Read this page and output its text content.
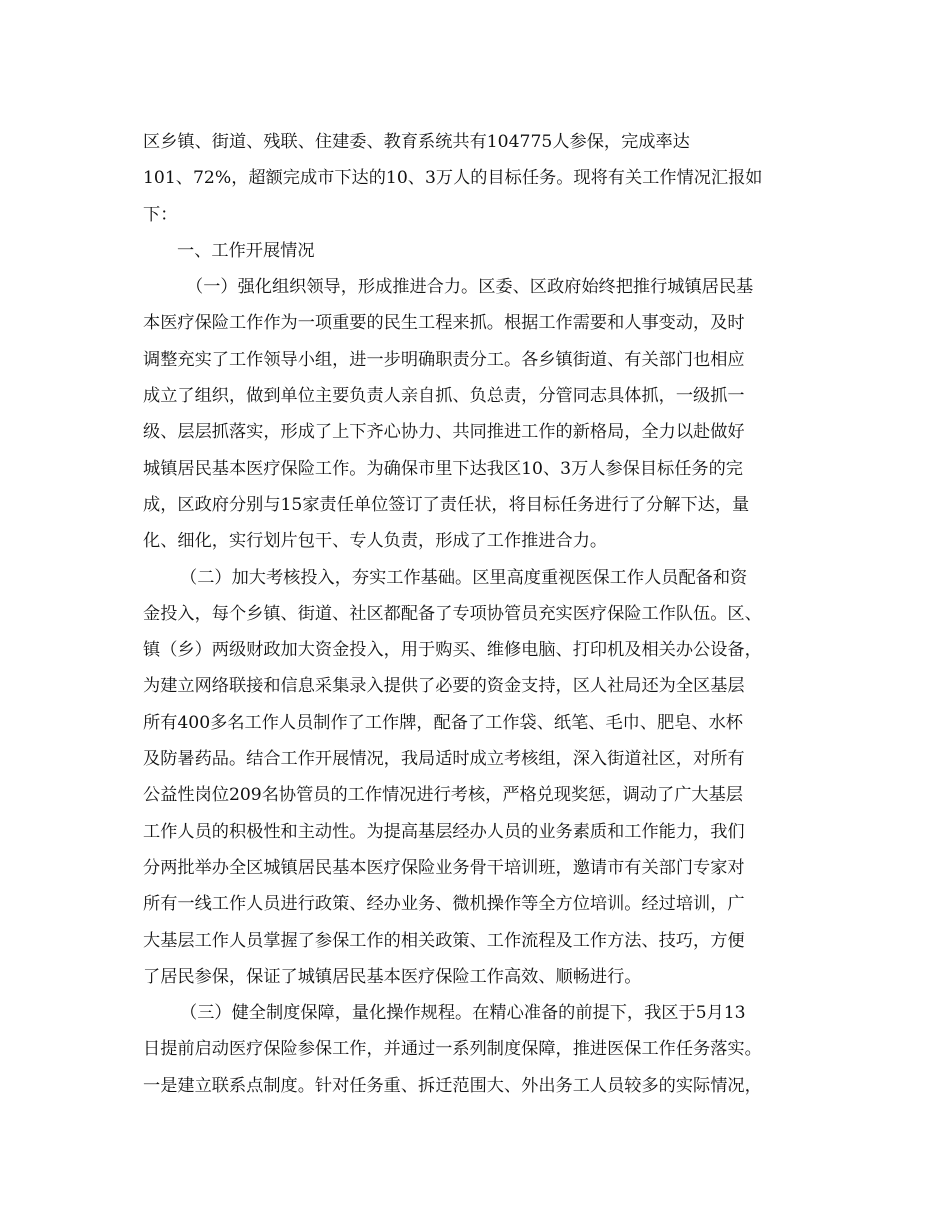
区乡镇、街道、残联、住建委、教育系统共有104775人参保，完成率达
101、72%，超额完成市下达的10、3万人的目标任务。现将有关工作情况汇报如
下：
一、工作开展情况
（一）强化组织领导，形成推进合力。区委、区政府始终把推行城镇居民基
本医疗保险工作作为一项重要的民生工程来抓。根据工作需要和人事变动，及时
调整充实了工作领导小组，进一步明确职责分工。各乡镇街道、有关部门也相应
成立了组织，做到单位主要负责人亲自抓、负总责，分管同志具体抓，一级抓一
级、层层抓落实，形成了上下齐心协力、共同推进工作的新格局，全力以赴做好
城镇居民基本医疗保险工作。为确保市里下达我区10、3万人参保目标任务的完
成，区政府分别与15家责任单位签订了责任状，将目标任务进行了分解下达，量
化、细化，实行划片包干、专人负责，形成了工作推进合力。
（二）加大考核投入，夯实工作基础。区里高度重视医保工作人员配备和资
金投入，每个乡镇、街道、社区都配备了专项协管员充实医疗保险工作队伍。区、
镇（乡）两级财政加大资金投入，用于购买、维修电脑、打印机及相关办公设备，
为建立网络联接和信息采集录入提供了必要的资金支持，区人社局还为全区基层
所有400多名工作人员制作了工作牌，配备了工作袋、纸笔、毛巾、肥皂、水杯
及防暑药品。结合工作开展情况，我局适时成立考核组，深入街道社区，对所有
公益性岗位209名协管员的工作情况进行考核，严格兑现奖惩，调动了广大基层
工作人员的积极性和主动性。为提高基层经办人员的业务素质和工作能力，我们
分两批举办全区城镇居民基本医疗保险业务骨干培训班，邀请市有关部门专家对
所有一线工作人员进行政策、经办业务、微机操作等全方位培训。经过培训，广
大基层工作人员掌握了参保工作的相关政策、工作流程及工作方法、技巧，方便
了居民参保，保证了城镇居民基本医疗保险工作高效、顺畅进行。
（三）健全制度保障，量化操作规程。在精心准备的前提下，我区于5月13
日提前启动医疗保险参保工作，并通过一系列制度保障，推进医保工作任务落实。
一是建立联系点制度。针对任务重、拆迁范围大、外出务工人员较多的实际情况，
